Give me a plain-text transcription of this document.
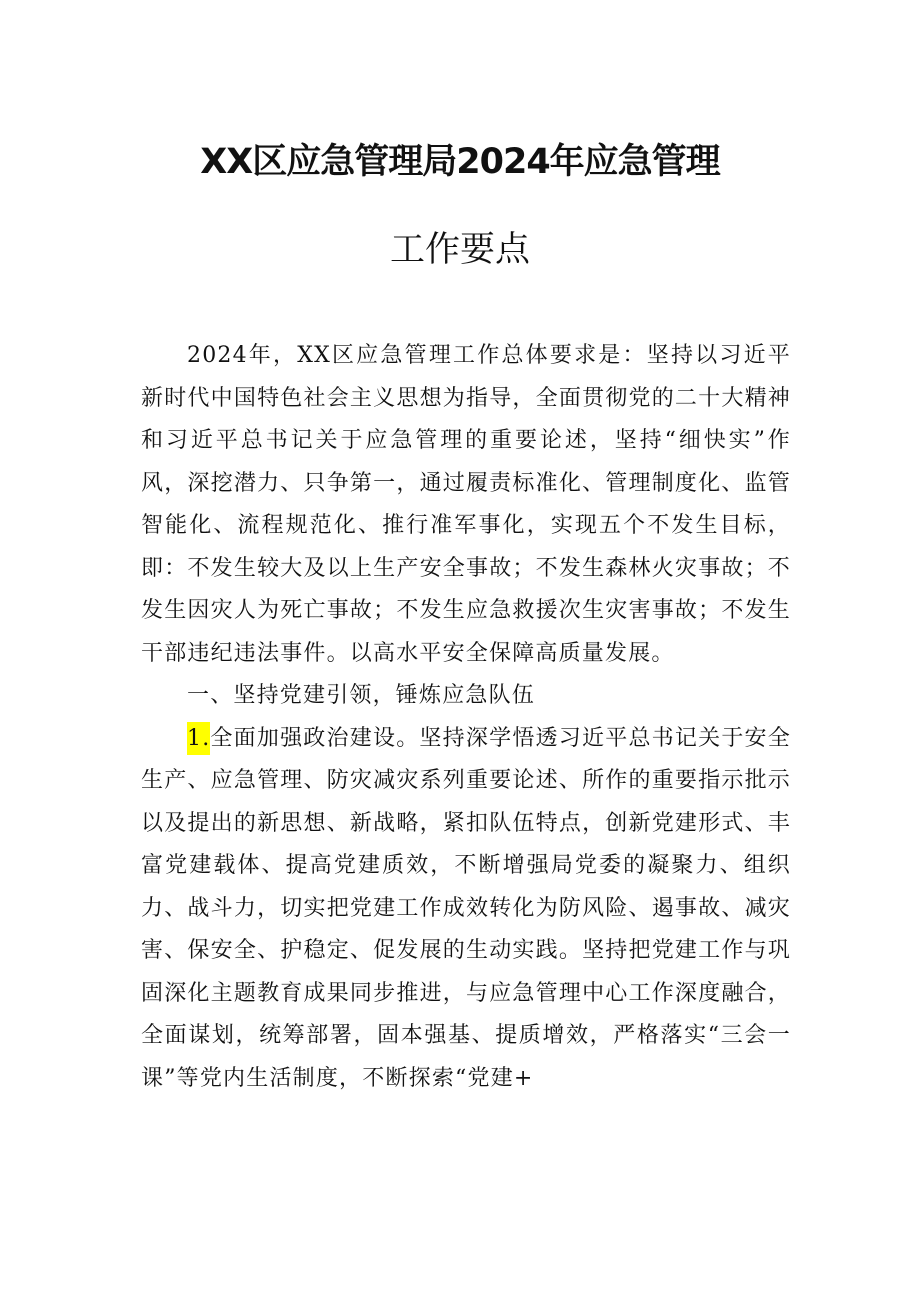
XX区应急管理局2024年应急管理
工作要点

2024年，XX区应急管理工作总体要求是：坚持以习近平新时代中国特色社会主义思想为指导，全面贯彻党的二十大精神和习近平总书记关于应急管理的重要论述，坚持“细快实”作风，深挖潜力、只争第一，通过履责标准化、管理制度化、监管智能化、流程规范化、推行准军事化，实现五个不发生目标，即：不发生较大及以上生产安全事故；不发生森林火灾事故；不发生因灾人为死亡事故；不发生应急救援次生灾害事故；不发生干部违纪违法事件。以高水平安全保障高质量发展。

一、坚持党建引领，锤炼应急队伍

1.全面加强政治建设。坚持深学悟透习近平总书记关于安全生产、应急管理、防灾减灾系列重要论述、所作的重要指示批示以及提出的新思想、新战略，紧扣队伍特点，创新党建形式、丰富党建载体、提高党建质效，不断增强局党委的凝聚力、组织力、战斗力，切实把党建工作成效转化为防风险、遏事故、减灾害、保安全、护稳定、促发展的生动实践。坚持把党建工作与巩固深化主题教育成果同步推进，与应急管理中心工作深度融合，全面谋划，统筹部署，固本强基、提质增效，严格落实“三会一课”等党内生活制度，不断探索“党建+
